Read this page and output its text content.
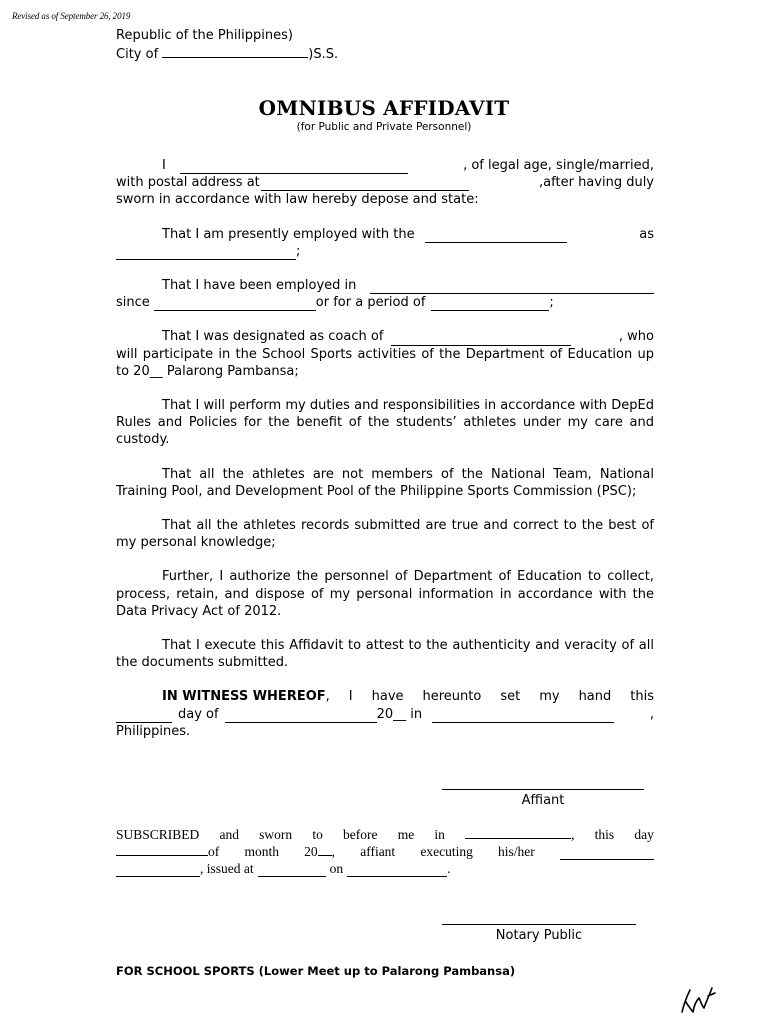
Revised as of September 26, 2019
Republic of the Philippines)
City of	)S.S.
OMNIBUS AFFIDAVIT
(for Public and Private Personnel)
I	, of legal age, single/married,
with postal address at	,after having duly
sworn in accordance with law hereby depose and state:
That I am presently employed with the	as
;
That I have been employed in
since	or for a period of	;
That I was designated as coach of	, who
will participate in the School Sports activities of the Department of Education up to 20__ Palarong Pambansa;
That I will perform my duties and responsibilities in accordance with DepEd Rules and Policies for the benefit of the students’ athletes under my care and custody.
That all the athletes are not members of the National Team, National Training Pool, and Development Pool of the Philippine Sports Commission (PSC);
That all the athletes records submitted are true and correct to the best of my personal knowledge;
Further, I authorize the personnel of Department of Education to collect, process, retain, and dispose of my personal information in accordance with the Data Privacy Act of 2012.
That I execute this Affidavit to attest to the authenticity and veracity of all the documents submitted.
IN WITNESS WHEREOF , I have hereunto set my hand this
day of	20__ in	,
Philippines.
Affiant
SUBSCRIBED and sworn to before me in	, this day
of month 20 , affiant executing his/her
, issued at	on	.
Notary Public
FOR SCHOOL SPORTS (Lower Meet up to Palarong Pambansa)
